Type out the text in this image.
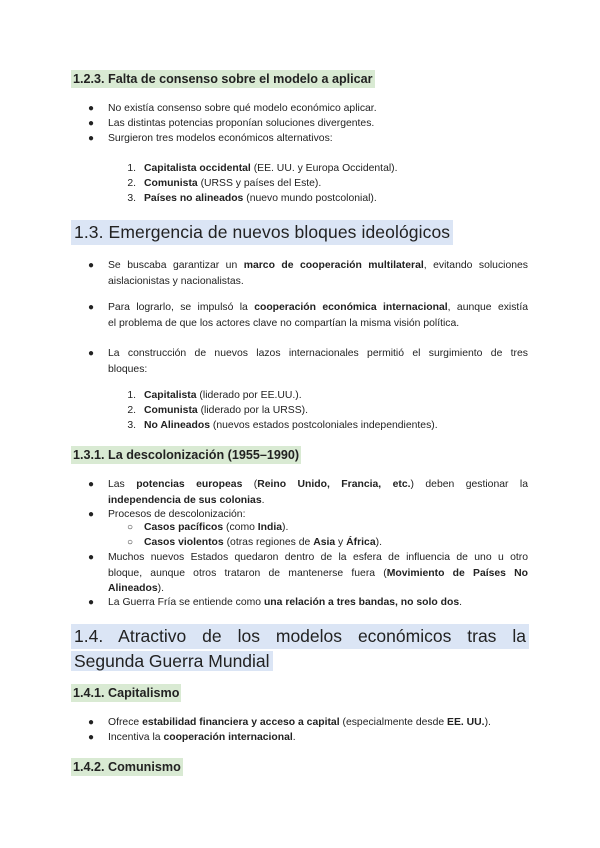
1.2.3. Falta de consenso sobre el modelo a aplicar
● No existía consenso sobre qué modelo económico aplicar.
● Las distintas potencias proponían soluciones divergentes.
● Surgieron tres modelos económicos alternativos:
1. Capitalista occidental (EE. UU. y Europa Occidental).
2. Comunista (URSS y países del Este).
3. Países no alineados (nuevo mundo postcolonial).
1.3. Emergencia de nuevos bloques ideológicos
● Se buscaba garantizar un marco de cooperación multilateral, evitando soluciones
aislacionistas y nacionalistas.
● Para lograrlo, se impulsó la cooperación económica internacional, aunque existía
el problema de que los actores clave no compartían la misma visión política.
● La construcción de nuevos lazos internacionales permitió el surgimiento de tres
bloques:
1. Capitalista (liderado por EE.UU.).
2. Comunista (liderado por la URSS).
3. No Alineados (nuevos estados postcoloniales independientes).
1.3.1. La descolonización (1955–1990)
● Las potencias europeas (Reino Unido, Francia, etc.) deben gestionar la
independencia de sus colonias.
● Procesos de descolonización:
○ Casos pacíficos (como India).
○ Casos violentos (otras regiones de Asia y África).
● Muchos nuevos Estados quedaron dentro de la esfera de influencia de uno u otro
bloque, aunque otros trataron de mantenerse fuera (Movimiento de Países No
Alineados).
● La Guerra Fría se entiende como una relación a tres bandas, no solo dos.
1.4. Atractivo de los modelos económicos tras la
Segunda Guerra Mundial
1.4.1. Capitalismo
● Ofrece estabilidad financiera y acceso a capital (especialmente desde EE. UU.).
● Incentiva la cooperación internacional.
1.4.2. Comunismo
